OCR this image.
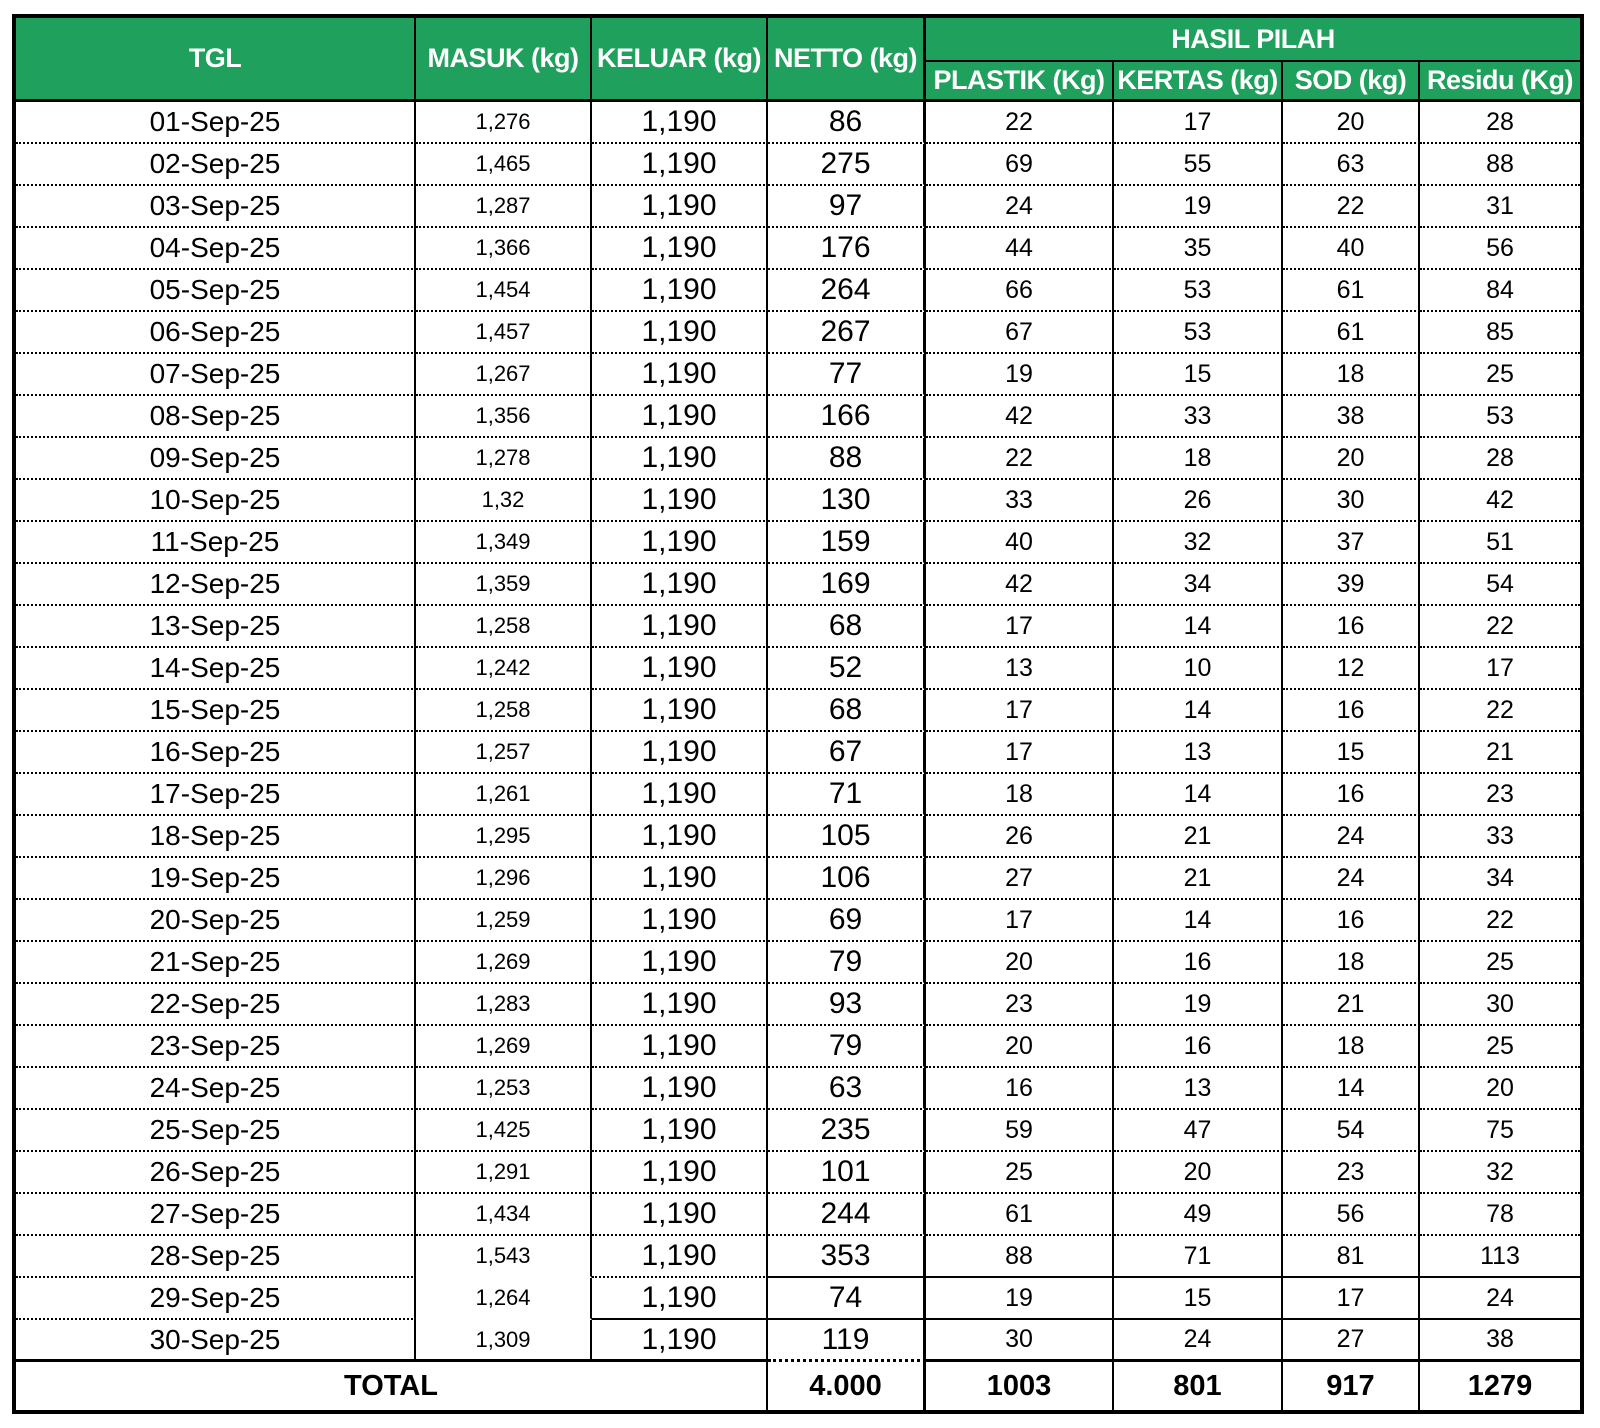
TGL	MASUK (kg)	KELUAR (kg)	NETTO (kg)	HASIL PILAH			
				PLASTIK (Kg)	KERTAS (kg)	SOD (kg)	Residu (Kg)
01-Sep-25	1,276	1,190	86	22	17	20	28
02-Sep-25	1,465	1,190	275	69	55	63	88
03-Sep-25	1,287	1,190	97	24	19	22	31
04-Sep-25	1,366	1,190	176	44	35	40	56
05-Sep-25	1,454	1,190	264	66	53	61	84
06-Sep-25	1,457	1,190	267	67	53	61	85
07-Sep-25	1,267	1,190	77	19	15	18	25
08-Sep-25	1,356	1,190	166	42	33	38	53
09-Sep-25	1,278	1,190	88	22	18	20	28
10-Sep-25	1,32	1,190	130	33	26	30	42
11-Sep-25	1,349	1,190	159	40	32	37	51
12-Sep-25	1,359	1,190	169	42	34	39	54
13-Sep-25	1,258	1,190	68	17	14	16	22
14-Sep-25	1,242	1,190	52	13	10	12	17
15-Sep-25	1,258	1,190	68	17	14	16	22
16-Sep-25	1,257	1,190	67	17	13	15	21
17-Sep-25	1,261	1,190	71	18	14	16	23
18-Sep-25	1,295	1,190	105	26	21	24	33
19-Sep-25	1,296	1,190	106	27	21	24	34
20-Sep-25	1,259	1,190	69	17	14	16	22
21-Sep-25	1,269	1,190	79	20	16	18	25
22-Sep-25	1,283	1,190	93	23	19	21	30
23-Sep-25	1,269	1,190	79	20	16	18	25
24-Sep-25	1,253	1,190	63	16	13	14	20
25-Sep-25	1,425	1,190	235	59	47	54	75
26-Sep-25	1,291	1,190	101	25	20	23	32
27-Sep-25	1,434	1,190	244	61	49	56	78
28-Sep-25	1,543	1,190	353	88	71	81	113
29-Sep-25	1,264	1,190	74	19	15	17	24
30-Sep-25	1,309	1,190	119	30	24	27	38
TOTAL			4.000	1003	801	917	1279
